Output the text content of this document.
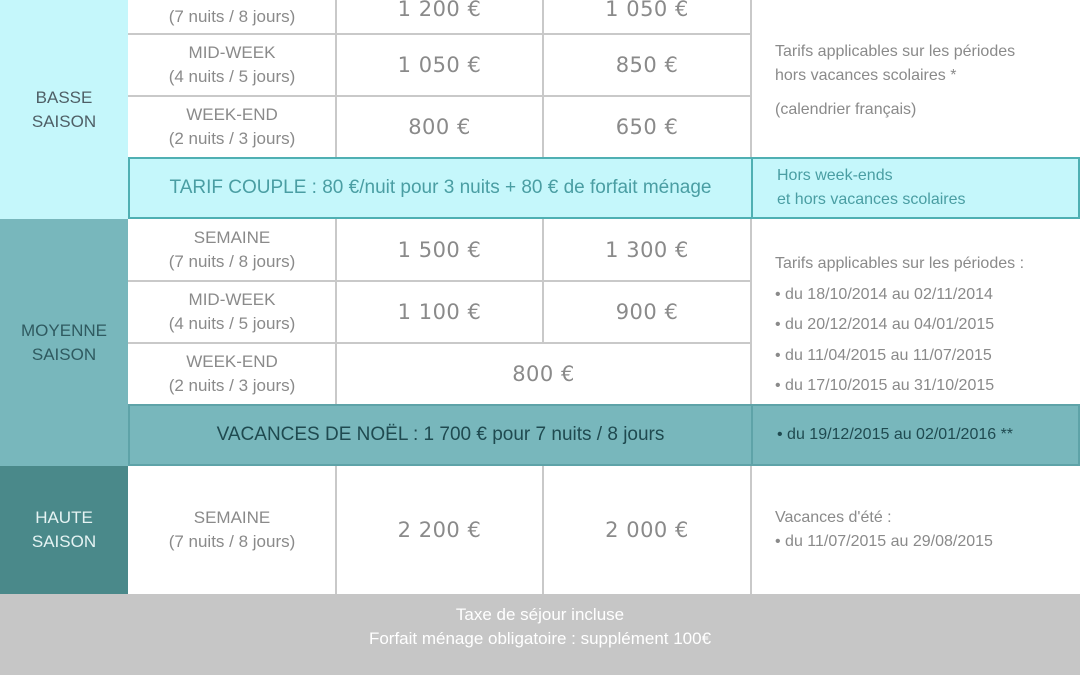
BASSE
SAISON
(7 nuits / 8 jours)	1 200 €	1 050 €
MID-WEEK
(4 nuits / 5 jours)	1 050 €	850 €
WEEK-END
(2 nuits / 3 jours)	800 €	650 €
Tarifs applicables sur les périodes
hors vacances scolaires *
(calendrier français)
TARIF COUPLE : 80 €/nuit pour 3 nuits + 80 € de forfait ménage
Hors week-ends
et hors vacances scolaires
MOYENNE
SAISON
SEMAINE
(7 nuits / 8 jours)	1 500 €	1 300 €
MID-WEEK
(4 nuits / 5 jours)	1 100 €	900 €
WEEK-END
(2 nuits / 3 jours)	800 €
Tarifs applicables sur les périodes :
• du 18/10/2014 au 02/11/2014
• du 20/12/2014 au 04/01/2015
• du 11/04/2015 au 11/07/2015
• du 17/10/2015 au 31/10/2015
VACANCES DE NOËL : 1 700 € pour 7 nuits / 8 jours	• du 19/12/2015 au 02/01/2016 **
HAUTE
SAISON
SEMAINE
(7 nuits / 8 jours)	2 200 €	2 000 €
Vacances d'été :
• du 11/07/2015 au 29/08/2015
Taxe de séjour incluse
Forfait ménage obligatoire : supplément 100€
